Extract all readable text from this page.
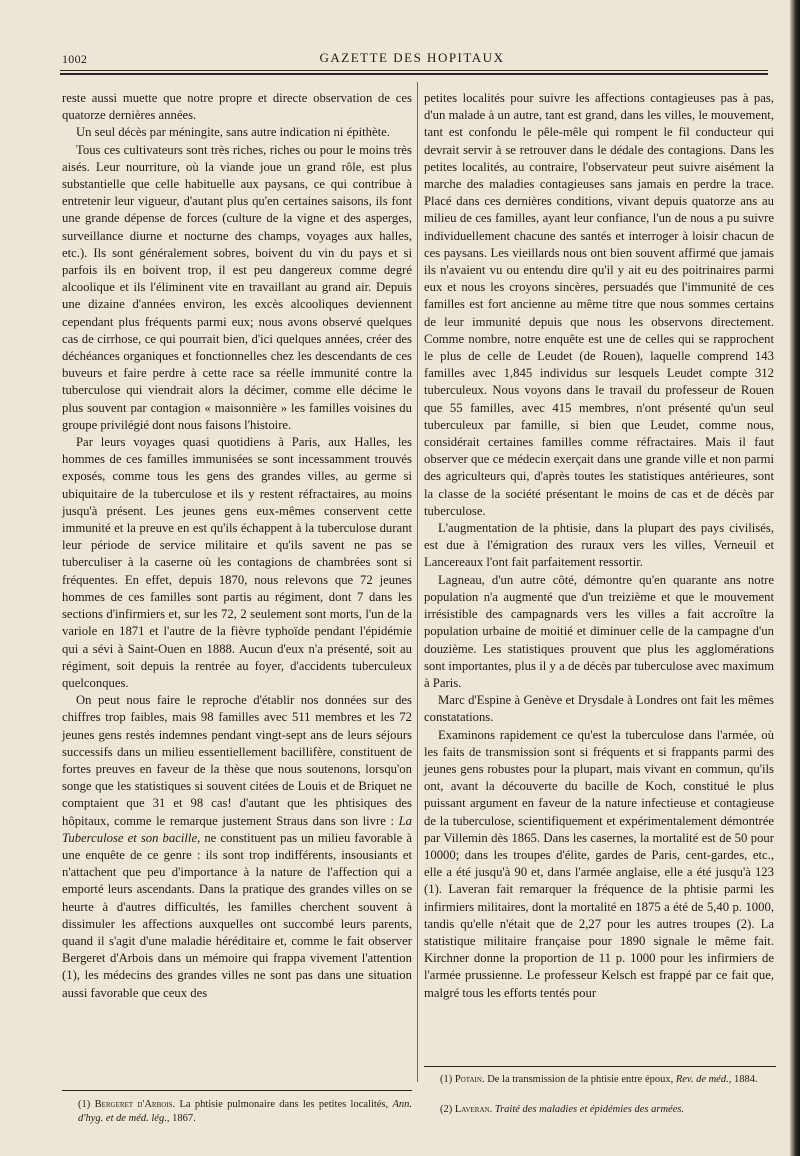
1002	GAZETTE DES HOPITAUX

reste aussi muette que notre propre et directe observation de ces quatorze dernières années.

Un seul décès par méningite, sans autre indication ni épithète.

Tous ces cultivateurs sont très riches, riches ou pour le moins très aisés. Leur nourriture, où la viande joue un grand rôle, est plus substantielle que celle habituelle aux paysans, ce qui contribue à entretenir leur vigueur, d'autant plus qu'en certaines saisons, ils font une grande dépense de forces (culture de la vigne et des asperges, surveillance diurne et nocturne des champs, voyages aux halles, etc.). Ils sont généralement sobres, boivent du vin du pays et si parfois ils en boivent trop, il est peu dangereux comme degré alcoolique et ils l'éliminent vite en travaillant au grand air. Depuis une dizaine d'années environ, les excès alcooliques deviennent cependant plus fréquents parmi eux; nous avons observé quelques cas de cirrhose, ce qui pourrait bien, d'ici quelques années, créer des déchéances organiques et fonctionnelles chez les descendants de ces buveurs et faire perdre à cette race sa réelle immunité contre la tuberculose qui viendrait alors la décimer, comme elle décime le plus souvent par contagion « maisonnière » les familles voisines du groupe privilégié dont nous faisons l'histoire.

Par leurs voyages quasi quotidiens à Paris, aux Halles, les hommes de ces familles immunisées se sont incessamment trouvés exposés, comme tous les gens des grandes villes, au germe si ubiquitaire de la tuberculose et ils y restent réfractaires, au moins jusqu'à présent. Les jeunes gens eux-mêmes conservent cette immunité et la preuve en est qu'ils échappent à la tuberculose durant leur période de service militaire et qu'ils savent ne pas se tuberculiser à la caserne où les contagions de chambrées sont si fréquentes. En effet, depuis 1870, nous relevons que 72 jeunes hommes de ces familles sont partis au régiment, dont 7 dans les sections d'infirmiers et, sur les 72, 2 seulement sont morts, l'un de la variole en 1871 et l'autre de la fièvre typhoïde pendant l'épidémie qui a sévi à Saint-Ouen en 1888. Aucun d'eux n'a présenté, soit au régiment, soit depuis la rentrée au foyer, d'accidents tuberculeux quelconques.

On peut nous faire le reproche d'établir nos données sur des chiffres trop faibles, mais 98 familles avec 511 membres et les 72 jeunes gens restés indemnes pendant vingt-sept ans de leurs séjours successifs dans un milieu essentiellement bacillifère, constituent de fortes preuves en faveur de la thèse que nous soutenons, lorsqu'on songe que les statistiques si souvent citées de Louis et de Briquet ne comptaient que 31 et 98 cas! d'autant que les phtisiques des hôpitaux, comme le remarque justement Straus dans son livre : La Tuberculose et son bacille, ne constituent pas un milieu favorable à une enquête de ce genre : ils sont trop indifférents, insousiants et n'attachent que peu d'importance à la nature de l'affection qui a emporté leurs ascendants. Dans la pratique des grandes villes on se heurte à d'autres difficultés, les familles cherchent souvent à dissimuler les affections auxquelles ont succombé leurs parents, quand il s'agit d'une maladie héréditaire et, comme le fait observer Bergeret d'Arbois dans un mémoire qui frappa vivement l'attention (1), les médecins des grandes villes ne sont pas dans une situation aussi favorable que ceux des

petites localités pour suivre les affections contagieuses pas à pas, d'un malade à un autre, tant est grand, dans les villes, le mouvement, tant est confondu le pêle-mêle qui rompent le fil conducteur qui devrait servir à se retrouver dans le dédale des contagions. Dans les petites localités, au contraire, l'observateur peut suivre aisément la marche des maladies contagieuses sans jamais en perdre la trace. Placé dans ces dernières conditions, vivant depuis quatorze ans au milieu de ces familles, ayant leur confiance, l'un de nous a pu suivre individuellement chacune des santés et interroger à loisir chacun de ces paysans. Les vieillards nous ont bien souvent affirmé que jamais ils n'avaient vu ou entendu dire qu'il y ait eu des poitrinaires parmi eux et nous les croyons sincères, persuadés que l'immunité de ces familles est fort ancienne au même titre que nous sommes certains de leur immunité depuis que nous les observons directement. Comme nombre, notre enquête est une de celles qui se rapprochent le plus de celle de Leudet (de Rouen), laquelle comprend 143 familles avec 1,845 individus sur lesquels Leudet compte 312 tuberculeux. Nous voyons dans le travail du professeur de Rouen que 55 familles, avec 415 membres, n'ont présenté qu'un seul tuberculeux par famille, si bien que Leudet, comme nous, considérait certaines familles comme réfractaires. Mais il faut observer que ce médecin exerçait dans une grande ville et non parmi des agriculteurs qui, d'après toutes les statistiques antérieures, sont la classe de la société présentant le moins de cas et de décès par tuberculose.

L'augmentation de la phtisie, dans la plupart des pays civilisés, est due à l'émigration des ruraux vers les villes, Verneuil et Lancereaux l'ont fait parfaitement ressortir.

Lagneau, d'un autre côté, démontre qu'en quarante ans notre population n'a augmenté que d'un treizième et que le mouvement irrésistible des campagnards vers les villes a fait accroître la population urbaine de moitié et diminuer celle de la campagne d'un douzième. Les statistiques prouvent que plus les agglomérations sont importantes, plus il y a de décès par tuberculose avec maximum à Paris.

Marc d'Espine à Genève et Drysdale à Londres ont fait les mêmes constatations.

Examinons rapidement ce qu'est la tuberculose dans l'armée, où les faits de transmission sont si fréquents et si frappants parmi des jeunes gens robustes pour la plupart, mais vivant en commun, qu'ils ont, avant la découverte du bacille de Koch, constitué le plus puissant argument en faveur de la nature infectieuse et contagieuse de la tuberculose, scientifiquement et expérimentalement démontrée par Villemin dès 1865. Dans les casernes, la mortalité est de 50 pour 10000; dans les troupes d'élite, gardes de Paris, cent-gardes, etc., elle a été jusqu'à 90 et, dans l'armée anglaise, elle a été jusqu'à 123 (1). Laveran fait remarquer la fréquence de la phtisie parmi les infirmiers militaires, dont la mortalité en 1875 a été de 5,40 p. 1000, tandis qu'elle n'était que de 2,27 pour les autres troupes (2). La statistique militaire française pour 1890 signale le même fait. Kirchner donne la proportion de 11 p. 1000 pour les infirmiers de l'armée prussienne. Le professeur Kelsch est frappé par ce fait que, malgré tous les efforts tentés pour

(1) Bergeret d'Arbois. La phtisie pulmonaire dans les petites localités, Ann. d'hyg. et de méd. lég., 1867.
(1) Potain. De la transmission de la phtisie entre époux, Rev. de méd., 1884.
(2) Laveran. Traité des maladies et épidémies des armées.
